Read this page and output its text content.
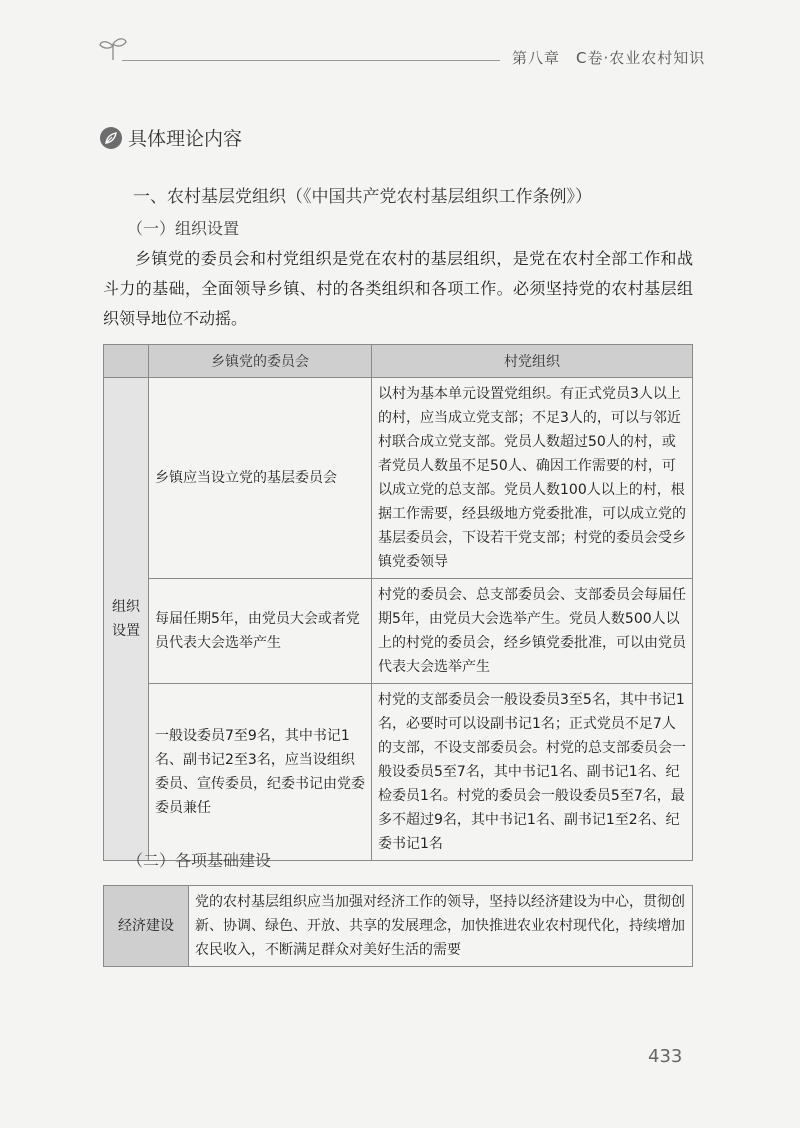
第八章　C卷·农业农村知识
具体理论内容
一、农村基层党组织（《中国共产党农村基层组织工作条例》）
（一）组织设置
乡镇党的委员会和村党组织是党在农村的基层组织，是党在农村全部工作和战斗力的基础，全面领导乡镇、村的各类组织和各项工作。必须坚持党的农村基层组织领导地位不动摇。
	乡镇党的委员会	村党组织
组织设置	乡镇应当设立党的基层委员会	以村为基本单元设置党组织。有正式党员3人以上的村，应当成立党支部；不足3人的，可以与邻近村联合成立党支部。党员人数超过50人的村，或者党员人数虽不足50人、确因工作需要的村，可以成立党的总支部。党员人数100人以上的村，根据工作需要，经县级地方党委批准，可以成立党的基层委员会，下设若干党支部；村党的委员会受乡镇党委领导
	每届任期5年，由党员大会或者党员代表大会选举产生	村党的委员会、总支部委员会、支部委员会每届任期5年，由党员大会选举产生。党员人数500人以上的村党的委员会，经乡镇党委批准，可以由党员代表大会选举产生
	一般设委员7至9名，其中书记1名、副书记2至3名，应当设组织委员、宣传委员，纪委书记由党委委员兼任	村党的支部委员会一般设委员3至5名，其中书记1名，必要时可以设副书记1名；正式党员不足7人的支部，不设支部委员会。村党的总支部委员会一般设委员5至7名，其中书记1名、副书记1名、纪检委员1名。村党的委员会一般设委员5至7名，最多不超过9名，其中书记1名、副书记1至2名、纪委书记1名
（二）各项基础建设
经济建设	党的农村基层组织应当加强对经济工作的领导，坚持以经济建设为中心，贯彻创新、协调、绿色、开放、共享的发展理念，加快推进农业农村现代化，持续增加农民收入，不断满足群众对美好生活的需要
433
